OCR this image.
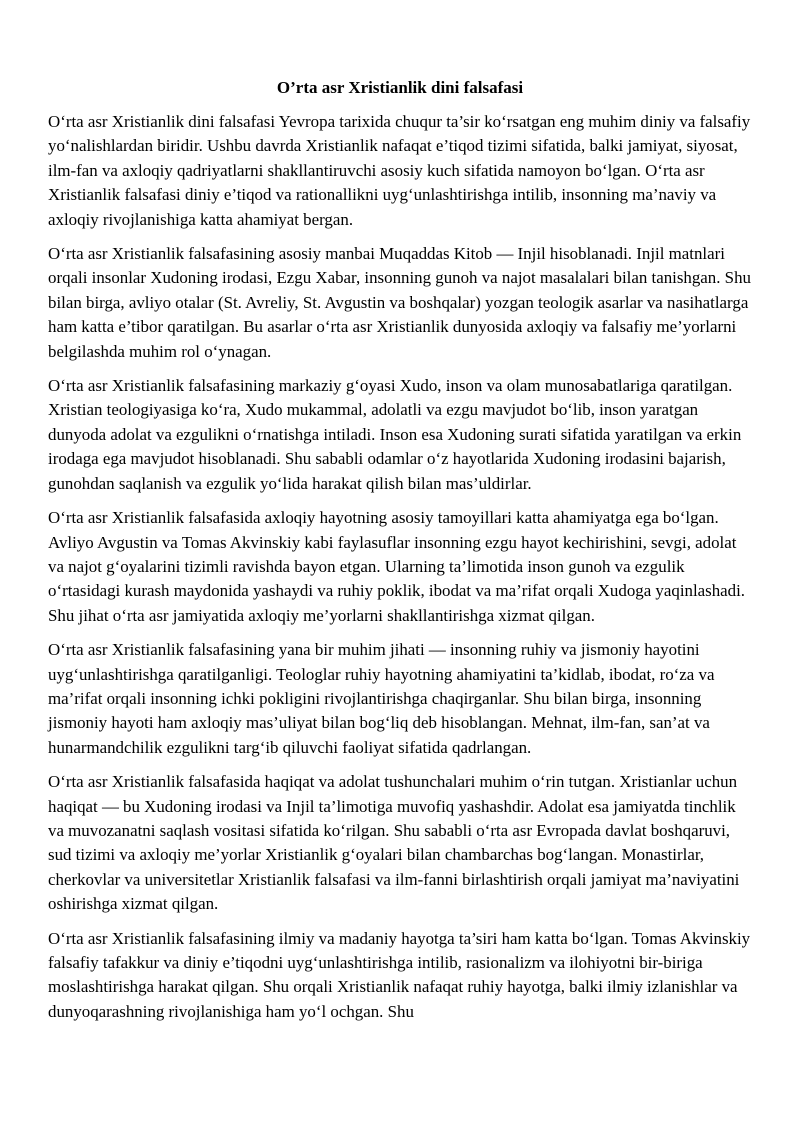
O’rta asr Xristianlik dini falsafasi

O‘rta asr Xristianlik dini falsafasi Yevropa tarixida chuqur ta’sir ko‘rsatgan eng muhim diniy va falsafiy yo‘nalishlardan biridir. Ushbu davrda Xristianlik nafaqat e’tiqod tizimi sifatida, balki jamiyat, siyosat, ilm-fan va axloqiy qadriyatlarni shakllantiruvchi asosiy kuch sifatida namoyon bo‘lgan. O‘rta asr Xristianlik falsafasi diniy e’tiqod va rationallikni uyg‘unlashtirishga intilib, insonning ma’naviy va axloqiy rivojlanishiga katta ahamiyat bergan.

O‘rta asr Xristianlik falsafasining asosiy manbai Muqaddas Kitob — Injil hisoblanadi. Injil matnlari orqali insonlar Xudoning irodasi, Ezgu Xabar, insonning gunoh va najot masalalari bilan tanishgan. Shu bilan birga, avliyo otalar (St. Avreliy, St. Avgustin va boshqalar) yozgan teologik asarlar va nasihatlarga ham katta e’tibor qaratilgan. Bu asarlar o‘rta asr Xristianlik dunyosida axloqiy va falsafiy me’yorlarni belgilashda muhim rol o‘ynagan.

O‘rta asr Xristianlik falsafasining markaziy g‘oyasi Xudo, inson va olam munosabatlariga qaratilgan. Xristian teologiyasiga ko‘ra, Xudo mukammal, adolatli va ezgu mavjudot bo‘lib, inson yaratgan dunyoda adolat va ezgulikni o‘rnatishga intiladi. Inson esa Xudoning surati sifatida yaratilgan va erkin irodaga ega mavjudot hisoblanadi. Shu sababli odamlar o‘z hayotlarida Xudoning irodasini bajarish, gunohdan saqlanish va ezgulik yo‘lida harakat qilish bilan mas’uldirlar.

O‘rta asr Xristianlik falsafasida axloqiy hayotning asosiy tamoyillari katta ahamiyatga ega bo‘lgan. Avliyo Avgustin va Tomas Akvinskiy kabi faylasuflar insonning ezgu hayot kechirishini, sevgi, adolat va najot g‘oyalarini tizimli ravishda bayon etgan. Ularning ta’limotida inson gunoh va ezgulik o‘rtasidagi kurash maydonida yashaydi va ruhiy poklik, ibodat va ma’rifat orqali Xudoga yaqinlashadi. Shu jihat o‘rta asr jamiyatida axloqiy me’yorlarni shakllantirishga xizmat qilgan.

O‘rta asr Xristianlik falsafasining yana bir muhim jihati — insonning ruhiy va jismoniy hayotini uyg‘unlashtirishga qaratilganligi. Teologlar ruhiy hayotning ahamiyatini ta’kidlab, ibodat, ro‘za va ma’rifat orqali insonning ichki pokligini rivojlantirishga chaqirganlar. Shu bilan birga, insonning jismoniy hayoti ham axloqiy mas’uliyat bilan bog‘liq deb hisoblangan. Mehnat, ilm-fan, san’at va hunarmandchilik ezgulikni targ‘ib qiluvchi faoliyat sifatida qadrlangan.

O‘rta asr Xristianlik falsafasida haqiqat va adolat tushunchalari muhim o‘rin tutgan. Xristianlar uchun haqiqat — bu Xudoning irodasi va Injil ta’limotiga muvofiq yashashdir. Adolat esa jamiyatda tinchlik va muvozanatni saqlash vositasi sifatida ko‘rilgan. Shu sababli o‘rta asr Evropada davlat boshqaruvi, sud tizimi va axloqiy me’yorlar Xristianlik g‘oyalari bilan chambarchas bog‘langan. Monastirlar, cherkovlar va universitetlar Xristianlik falsafasi va ilm-fanni birlashtirish orqali jamiyat ma’naviyatini oshirishga xizmat qilgan.

O‘rta asr Xristianlik falsafasining ilmiy va madaniy hayotga ta’siri ham katta bo‘lgan. Tomas Akvinskiy falsafiy tafakkur va diniy e’tiqodni uyg‘unlashtirishga intilib, rasionalizm va ilohiyotni bir-biriga moslashtirishga harakat qilgan. Shu orqali Xristianlik nafaqat ruhiy hayotga, balki ilmiy izlanishlar va dunyoqarashning rivojlanishiga ham yo‘l ochgan. Shu
